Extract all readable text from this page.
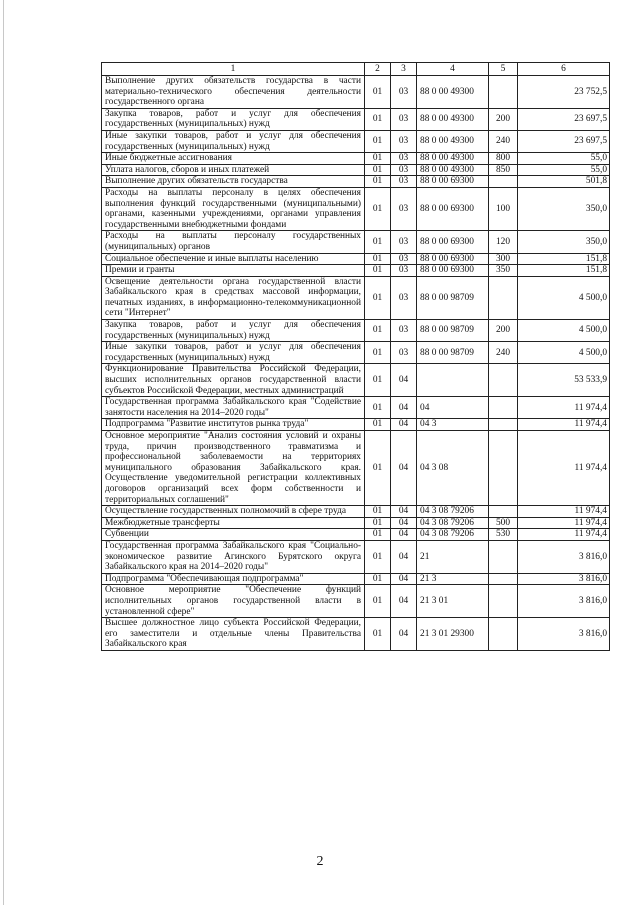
1	2	3	4	5	6
Выполнение других обязательств государства в части материально-технического обеспечения деятельности государственного органа	01	03	88 0 00 49300		23 752,5
Закупка товаров, работ и услуг для обеспечения государственных (муниципальных) нужд	01	03	88 0 00 49300	200	23 697,5
Иные закупки товаров, работ и услуг для обеспечения государственных (муниципальных) нужд	01	03	88 0 00 49300	240	23 697,5
Иные бюджетные ассигнования	01	03	88 0 00 49300	800	55,0
Уплата налогов, сборов и иных платежей	01	03	88 0 00 49300	850	55,0
Выполнение других обязательств государства	01	03	88 0 00 69300		501,8
Расходы на выплаты персоналу в целях обеспечения выполнения функций государственными (муниципальными) органами, казенными учреждениями, органами управления государственными внебюджетными фондами	01	03	88 0 00 69300	100	350,0
Расходы на выплаты персоналу государственных (муниципальных) органов	01	03	88 0 00 69300	120	350,0
Социальное обеспечение и иные выплаты населению	01	03	88 0 00 69300	300	151,8
Премии и гранты	01	03	88 0 00 69300	350	151,8
Освещение деятельности органа государственной власти Забайкальского края в средствах массовой информации, печатных изданиях, в информационно-телекоммуникационной сети "Интернет"	01	03	88 0 00 98709		4 500,0
Закупка товаров, работ и услуг для обеспечения государственных (муниципальных) нужд	01	03	88 0 00 98709	200	4 500,0
Иные закупки товаров, работ и услуг для обеспечения государственных (муниципальных) нужд	01	03	88 0 00 98709	240	4 500,0
Функционирование Правительства Российской Федерации, высших исполнительных органов государственной власти субъектов Российской Федерации, местных администраций	01	04			53 533,9
Государственная программа Забайкальского края "Содействие занятости населения на 2014–2020 годы"	01	04	04		11 974,4
Подпрограмма "Развитие институтов рынка труда"	01	04	04 3		11 974,4
Основное мероприятие "Анализ состояния условий и охраны труда, причин производственного травматизма и профессиональной заболеваемости на территориях муниципального образования Забайкальского края. Осуществление уведомительной регистрации коллективных договоров организаций всех форм собственности и территориальных соглашений"	01	04	04 3 08		11 974,4
Осуществление государственных полномочий в сфере труда	01	04	04 3 08 79206		11 974,4
Межбюджетные трансферты	01	04	04 3 08 79206	500	11 974,4
Субвенции	01	04	04 3 08 79206	530	11 974,4
Государственная программа Забайкальского края "Социально-экономическое развитие Агинского Бурятского округа Забайкальского края на 2014–2020 годы"	01	04	21		3 816,0
Подпрограмма "Обеспечивающая подпрограмма"	01	04	21 3		3 816,0
Основное мероприятие "Обеспечение функций исполнительных органов государственной власти в установленной сфере"	01	04	21 3 01		3 816,0
Высшее должностное лицо субъекта Российской Федерации, его заместители и отдельные члены Правительства Забайкальского края	01	04	21 3 01 29300		3 816,0
2
